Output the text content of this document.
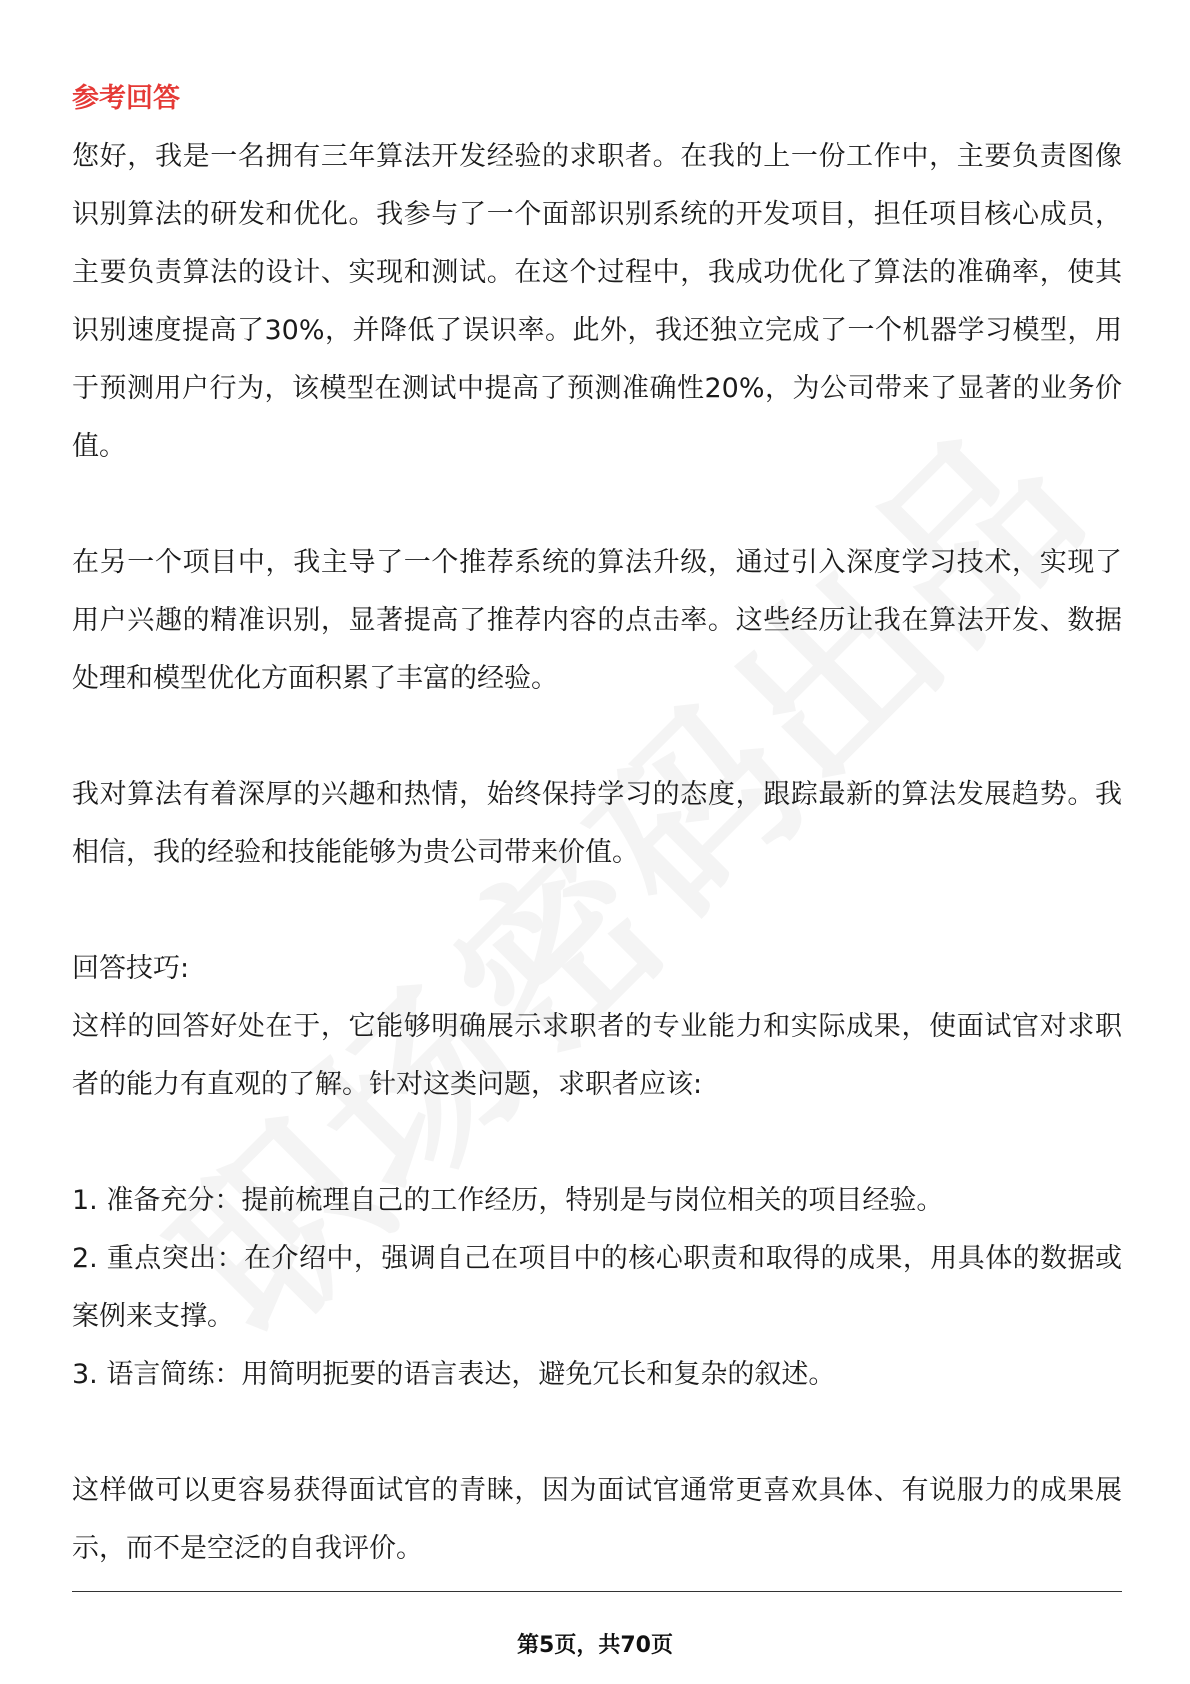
参考回答

您好，我是一名拥有三年算法开发经验的求职者。在我的上一份工作中，主要负责图像识别算法的研发和优化。我参与了一个面部识别系统的开发项目，担任项目核心成员，主要负责算法的设计、实现和测试。在这个过程中，我成功优化了算法的准确率，使其识别速度提高了30%，并降低了误识率。此外，我还独立完成了一个机器学习模型，用于预测用户行为，该模型在测试中提高了预测准确性20%，为公司带来了显著的业务价值。

在另一个项目中，我主导了一个推荐系统的算法升级，通过引入深度学习技术，实现了用户兴趣的精准识别，显著提高了推荐内容的点击率。这些经历让我在算法开发、数据处理和模型优化方面积累了丰富的经验。

我对算法有着深厚的兴趣和热情，始终保持学习的态度，跟踪最新的算法发展趋势。我相信，我的经验和技能能够为贵公司带来价值。

回答技巧:

这样的回答好处在于，它能够明确展示求职者的专业能力和实际成果，使面试官对求职者的能力有直观的了解。针对这类问题，求职者应该:

1. 准备充分：提前梳理自己的工作经历，特别是与岗位相关的项目经验。

2. 重点突出：在介绍中，强调自己在项目中的核心职责和取得的成果，用具体的数据或案例来支撑。

3. 语言简练：用简明扼要的语言表达，避免冗长和复杂的叙述。

这样做可以更容易获得面试官的青睐，因为面试官通常更喜欢具体、有说服力的成果展示，而不是空泛的自我评价。

第5页，共70页
